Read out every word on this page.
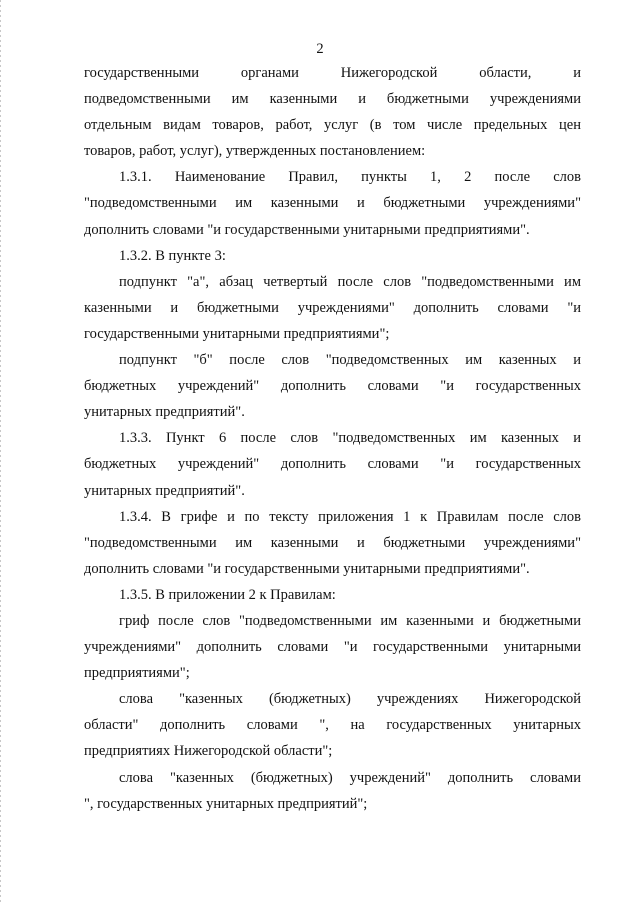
2

государственными органами Нижегородской области, и
подведомственными им казенными и бюджетными учреждениями
отдельным видам товаров, работ, услуг (в том числе предельных цен
товаров, работ, услуг), утвержденных постановлением:

1.3.1. Наименование Правил, пункты 1, 2 после слов
"подведомственными им казенными и бюджетными учреждениями"
дополнить словами "и государственными унитарными предприятиями".

1.3.2. В пункте 3:

подпункт "а", абзац четвертый после слов "подведомственными им
казенными и бюджетными учреждениями" дополнить словами "и
государственными унитарными предприятиями";

подпункт "б" после слов "подведомственных им казенных и
бюджетных учреждений" дополнить словами "и государственных
унитарных предприятий".

1.3.3. Пункт 6 после слов "подведомственных им казенных и
бюджетных учреждений" дополнить словами "и государственных
унитарных предприятий".

1.3.4. В грифе и по тексту приложения 1 к Правилам после слов
"подведомственными им казенными и бюджетными учреждениями"
дополнить словами "и государственными унитарными предприятиями".

1.3.5. В приложении 2 к Правилам:

гриф после слов "подведомственными им казенными и бюджетными
учреждениями" дополнить словами "и государственными унитарными
предприятиями";

слова "казенных (бюджетных) учреждениях Нижегородской
области" дополнить словами ", на государственных унитарных
предприятиях Нижегородской области";

слова "казенных (бюджетных) учреждений" дополнить словами
", государственных унитарных предприятий";
